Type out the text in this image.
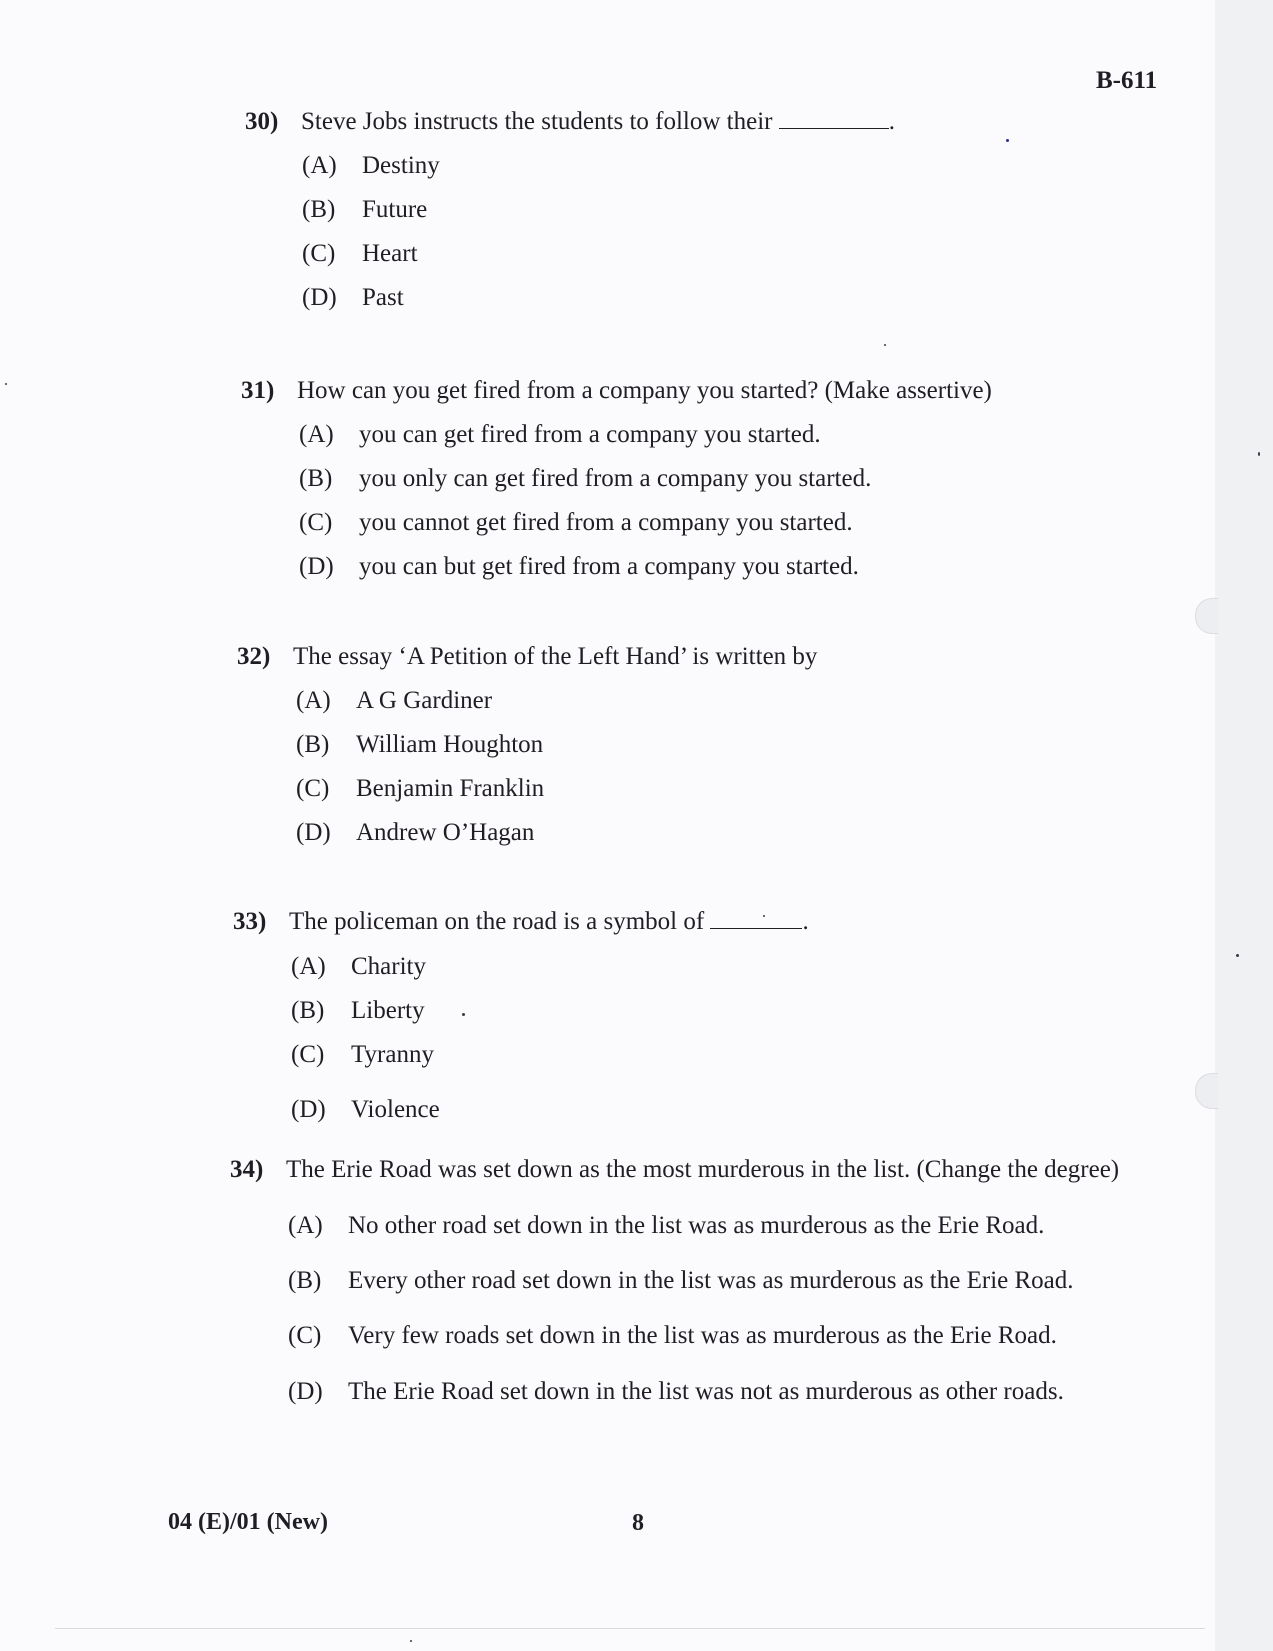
B-611
30) Steve Jobs instructs the students to follow their	.
(A) Destiny
(B) Future
(C) Heart
(D) Past
31) How can you get fired from a company you started? (Make assertive)
(A) you can get fired from a company you started.
(B) you only can get fired from a company you started.
(C) you cannot get fired from a company you started.
(D) you can but get fired from a company you started.
32) The essay ‘A Petition of the Left Hand’ is written by
(A) A G Gardiner
(B) William Houghton
(C) Benjamin Franklin
(D) Andrew O’Hagan
33) The policeman on the road is a symbol of	.
(A) Charity
(B) Liberty
(C) Tyranny
(D) Violence
34) The Erie Road was set down as the most murderous in the list. (Change the degree)
(A) No other road set down in the list was as murderous as the Erie Road.
(B) Every other road set down in the list was as murderous as the Erie Road.
(C) Very few roads set down in the list was as murderous as the Erie Road.
(D) The Erie Road set down in the list was not as murderous as other roads.
04 (E)/01 (New)	8
